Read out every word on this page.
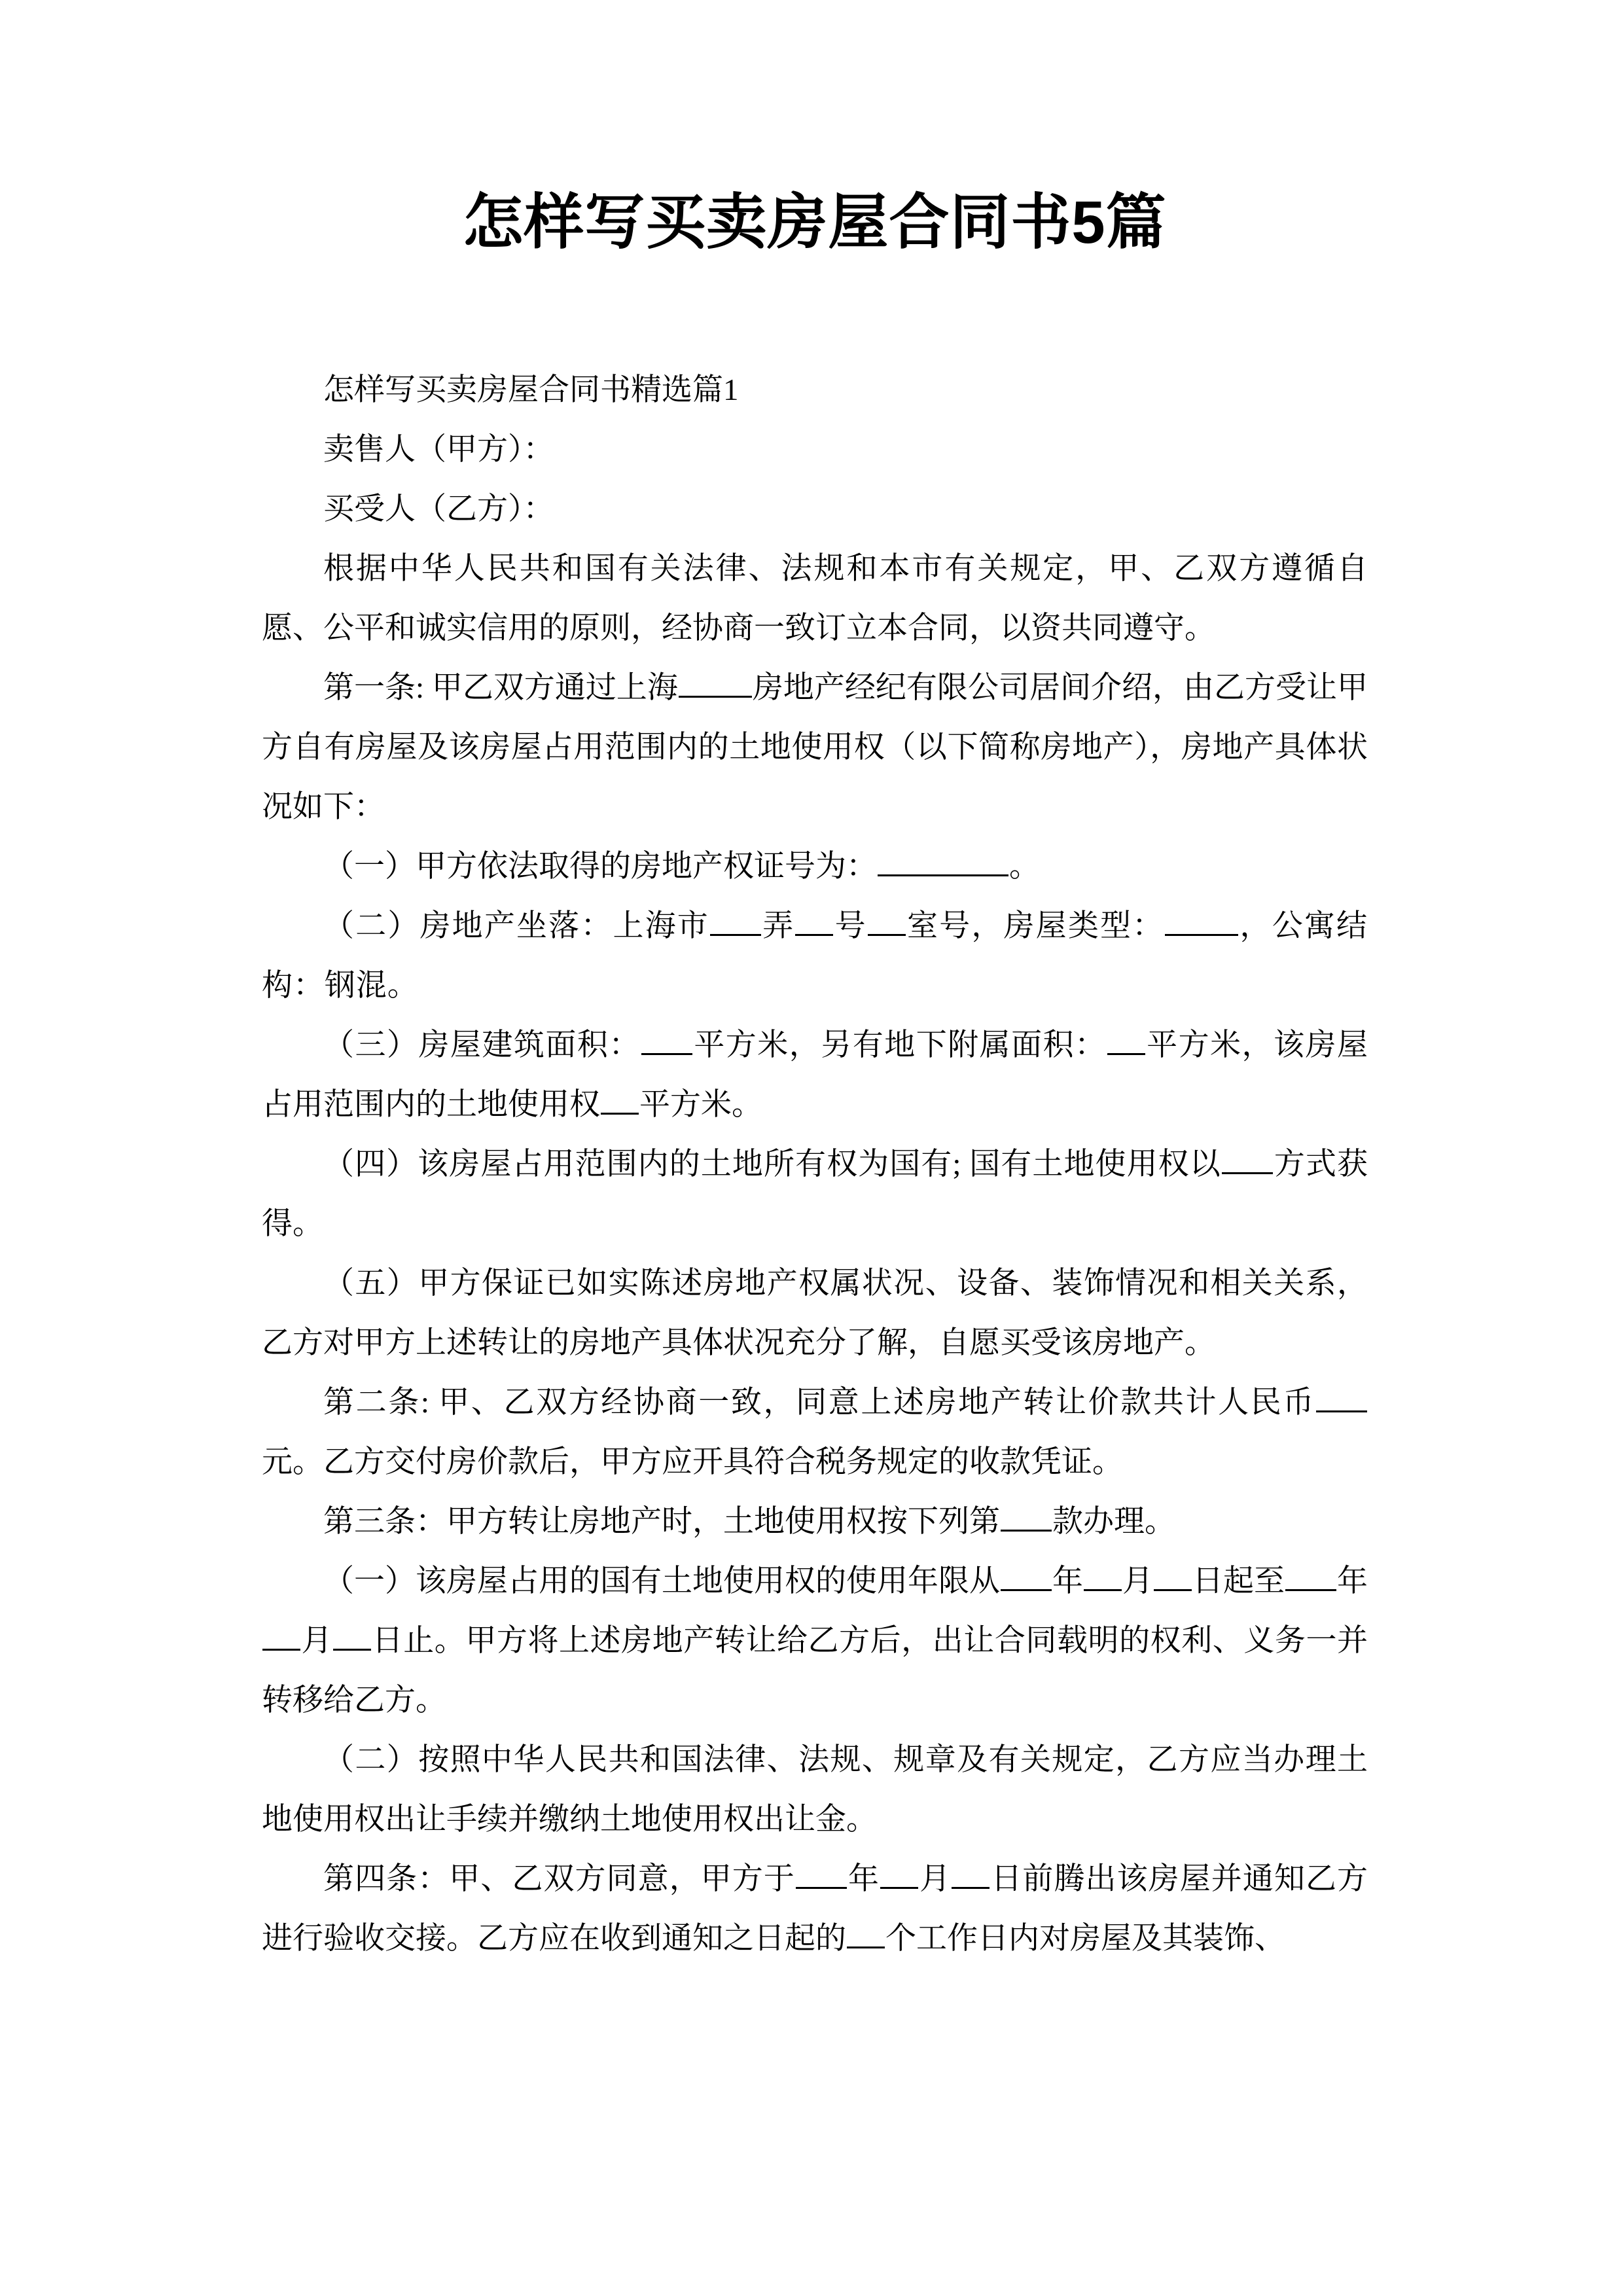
怎样写买卖房屋合同书5篇

怎样写买卖房屋合同书精选篇1

卖售人（甲方）：

买受人（乙方）：

根据中华人民共和国有关法律、法规和本市有关规定，甲、乙双方遵循自愿、公平和诚实信用的原则，经协商一致订立本合同，以资共同遵守。

第一条: 甲乙双方通过上海 房地产经纪有限公司居间介绍，由乙方受让甲方自有房屋及该房屋占用范围内的土地使用权（以下简称房地产），房地产具体状况如下：

（一）甲方依法取得的房地产权证号为：	。

（二）房地产坐落：上海市 弄 号 室号，房屋类型： ，公寓结构：钢混。

（三）房屋建筑面积： 平方米，另有地下附属面积： 平方米，该房屋占用范围内的土地使用权 平方米。

（四）该房屋占用范围内的土地所有权为国有; 国有土地使用权以 方式获得。

（五）甲方保证已如实陈述房地产权属状况、设备、装饰情况和相关关系，乙方对甲方上述转让的房地产具体状况充分了解，自愿买受该房地产。

第二条: 甲、乙双方经协商一致，同意上述房地产转让价款共计人民币元。乙方交付房价款后，甲方应开具符合税务规定的收款凭证。

第三条：甲方转让房地产时，土地使用权按下列第 款办理。

（一）该房屋占用的国有土地使用权的使用年限从 年 月 日起至 年月 日止。甲方将上述房地产转让给乙方后，出让合同载明的权利、义务一并转移给乙方。

（二）按照中华人民共和国法律、法规、规章及有关规定，乙方应当办理土地使用权出让手续并缴纳土地使用权出让金。

第四条：甲、乙双方同意，甲方于 年 月 日前腾出该房屋并通知乙方进行验收交接。乙方应在收到通知之日起的 个工作日内对房屋及其装饰、
